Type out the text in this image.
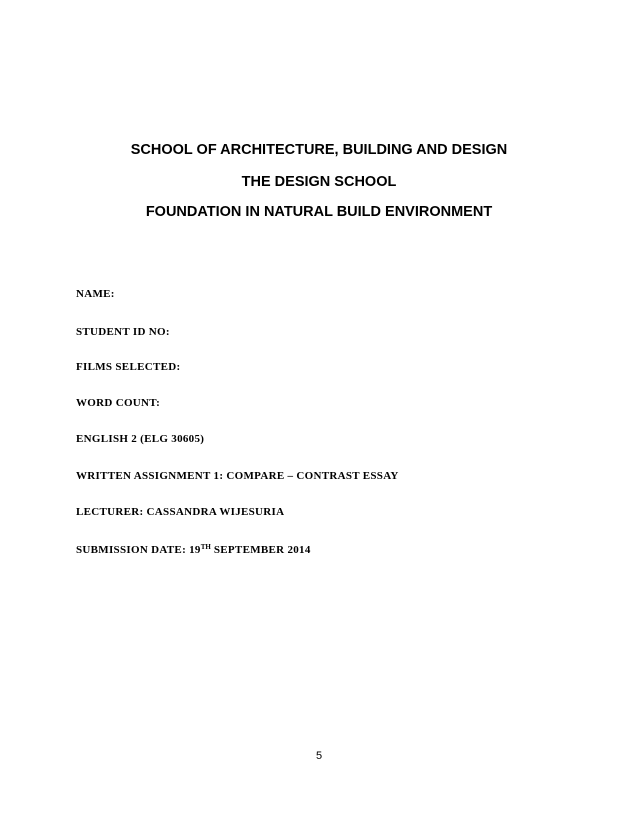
SCHOOL OF ARCHITECTURE, BUILDING AND DESIGN

THE DESIGN SCHOOL

FOUNDATION IN NATURAL BUILD ENVIRONMENT

NAME:

STUDENT ID NO:

FILMS SELECTED:

WORD COUNT:

ENGLISH 2 (ELG 30605)

WRITTEN ASSIGNMENT 1: COMPARE – CONTRAST ESSAY

LECTURER: CASSANDRA WIJESURIA

SUBMISSION DATE: 19TH SEPTEMBER 2014

5
